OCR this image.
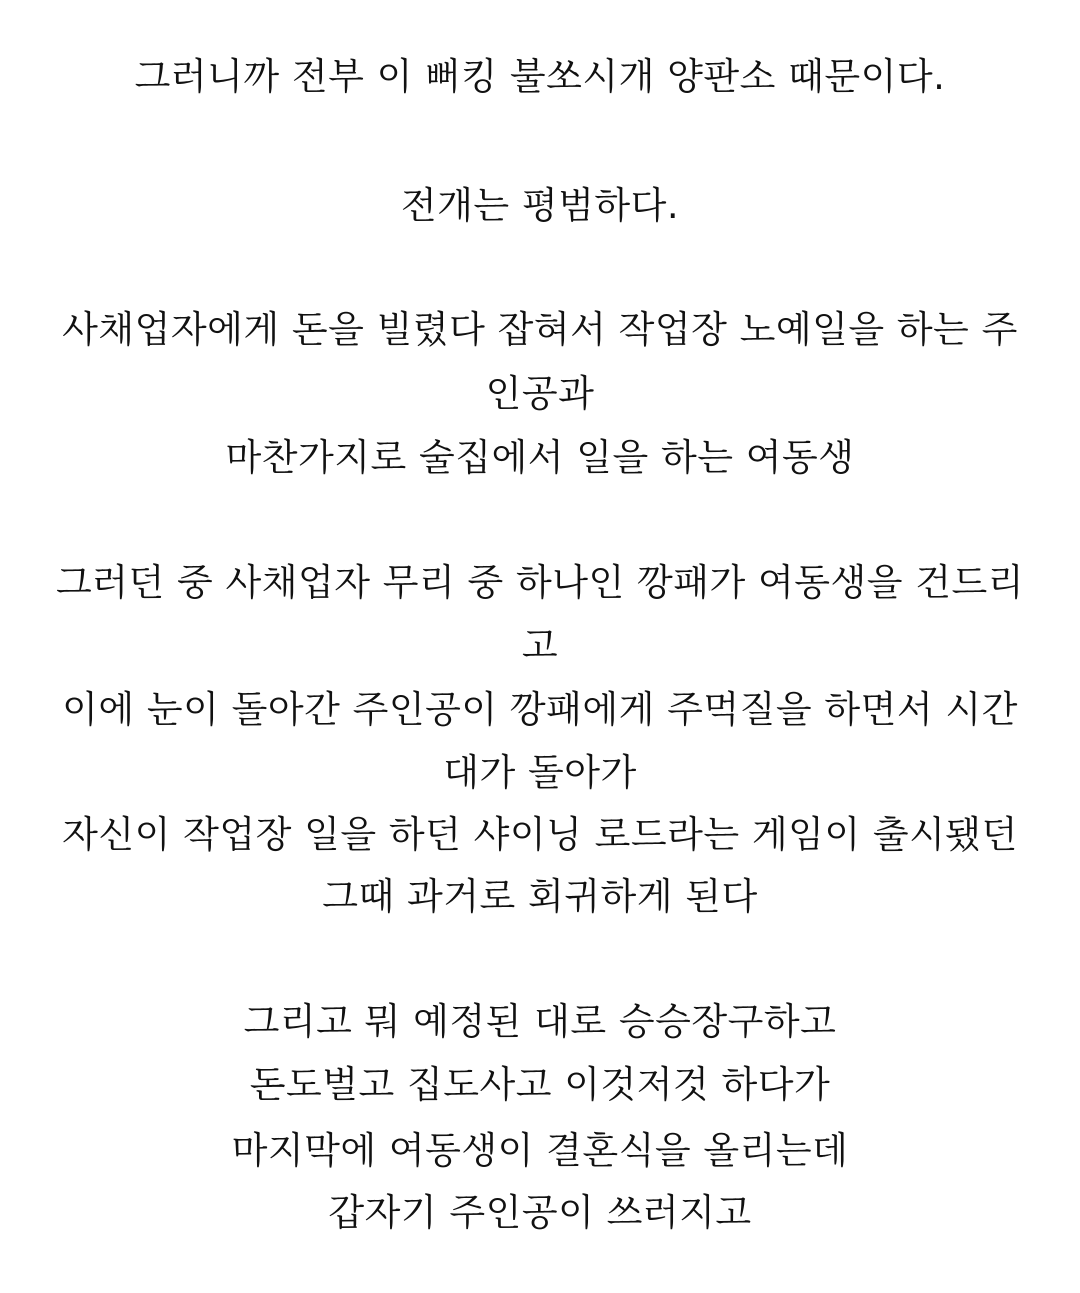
그러니까 전부 이 뻐킹 불쏘시개 양판소 때문이다.
전개는 평범하다.
사채업자에게 돈을 빌렸다 잡혀서 작업장 노예일을 하는 주
인공과
마찬가지로 술집에서 일을 하는 여동생
그러던 중 사채업자 무리 중 하나인 깡패가 여동생을 건드리
고
이에 눈이 돌아간 주인공이 깡패에게 주먹질을 하면서 시간
대가 돌아가
자신이 작업장 일을 하던 샤이닝 로드라는 게임이 출시됐던
그때 과거로 회귀하게 된다
그리고 뭐 예정된 대로 승승장구하고
돈도벌고 집도사고 이것저것 하다가
마지막에 여동생이 결혼식을 올리는데
갑자기 주인공이 쓰러지고
